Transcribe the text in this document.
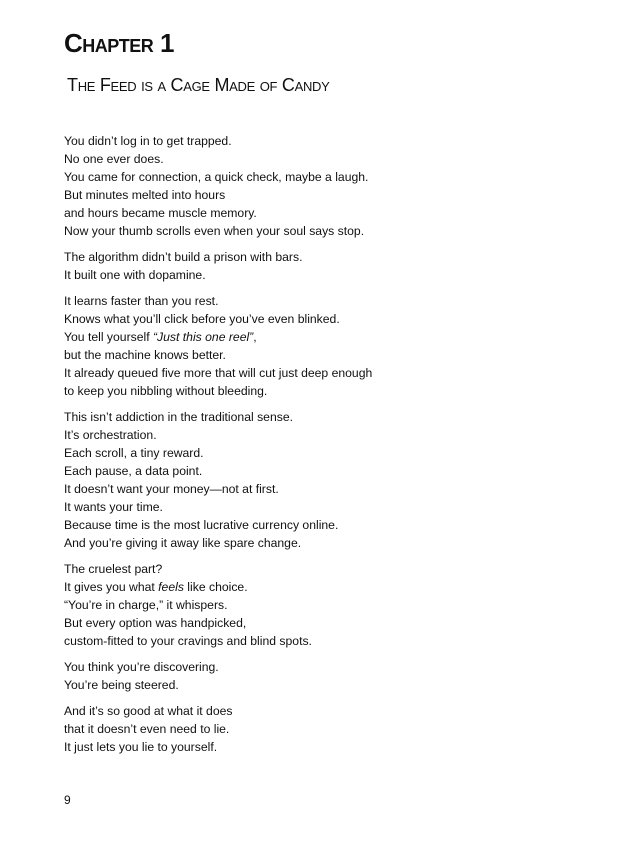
Chapter 1
The Feed is a Cage Made of Candy

You didn’t log in to get trapped.
No one ever does.
You came for connection, a quick check, maybe a laugh.
But minutes melted into hours
and hours became muscle memory.
Now your thumb scrolls even when your soul says stop.

The algorithm didn’t build a prison with bars.
It built one with dopamine.

It learns faster than you rest.
Knows what you’ll click before you’ve even blinked.
You tell yourself “Just this one reel”,
but the machine knows better.
It already queued five more that will cut just deep enough
to keep you nibbling without bleeding.

This isn’t addiction in the traditional sense.
It’s orchestration.
Each scroll, a tiny reward.
Each pause, a data point.
It doesn’t want your money—not at first.
It wants your time.
Because time is the most lucrative currency online.
And you’re giving it away like spare change.

The cruelest part?
It gives you what feels like choice.
“You’re in charge,” it whispers.
But every option was handpicked,
custom-fitted to your cravings and blind spots.

You think you’re discovering.
You’re being steered.

And it’s so good at what it does
that it doesn’t even need to lie.
It just lets you lie to yourself.

9
